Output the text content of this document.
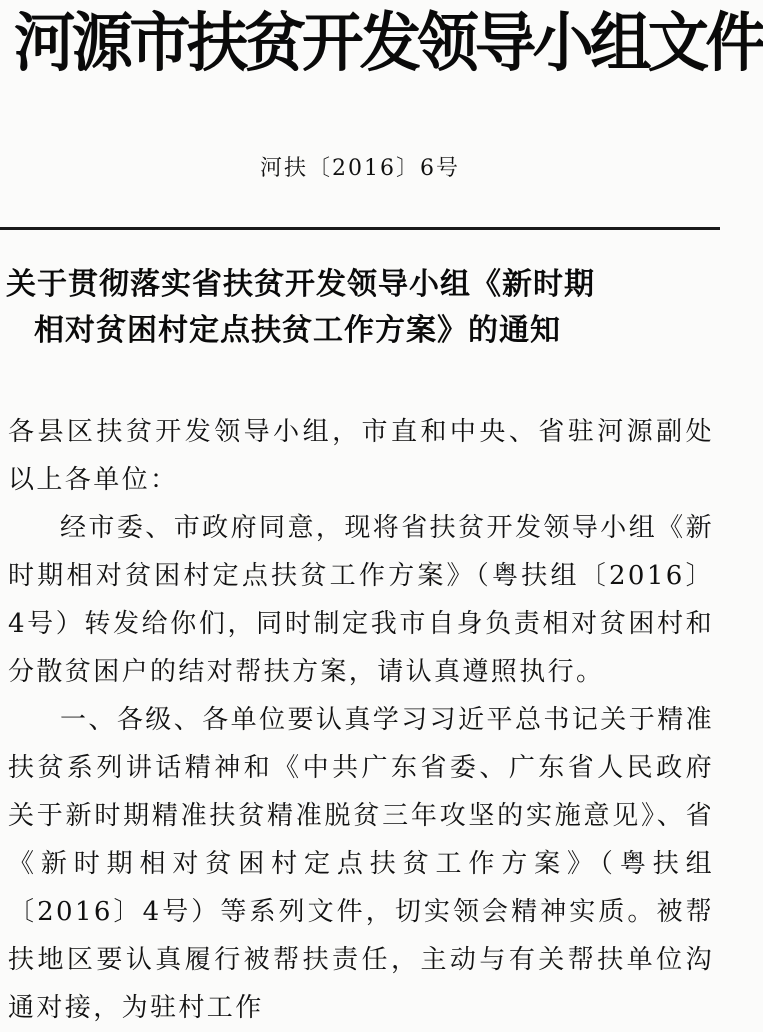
河源市扶贫开发领导小组文件
河扶〔2016〕6号
关于贯彻落实省扶贫开发领导小组《新时期
相对贫困村定点扶贫工作方案》的通知

各县区扶贫开发领导小组，市直和中央、省驻河源副处以上各单位：

经市委、市政府同意，现将省扶贫开发领导小组《新时期相对贫困村定点扶贫工作方案》（粤扶组〔2016〕4号）转发给你们，同时制定我市自身负责相对贫困村和分散贫困户的结对帮扶方案，请认真遵照执行。

一、各级、各单位要认真学习习近平总书记关于精准扶贫系列讲话精神和《中共广东省委、广东省人民政府关于新时期精准扶贫精准脱贫三年攻坚的实施意见》、省《新时期相对贫困村定点扶贫工作方案》（粤扶组〔2016〕4号）等系列文件，切实领会精神实质。被帮扶地区要认真履行被帮扶责任，主动与有关帮扶单位沟通对接，为驻村工作
